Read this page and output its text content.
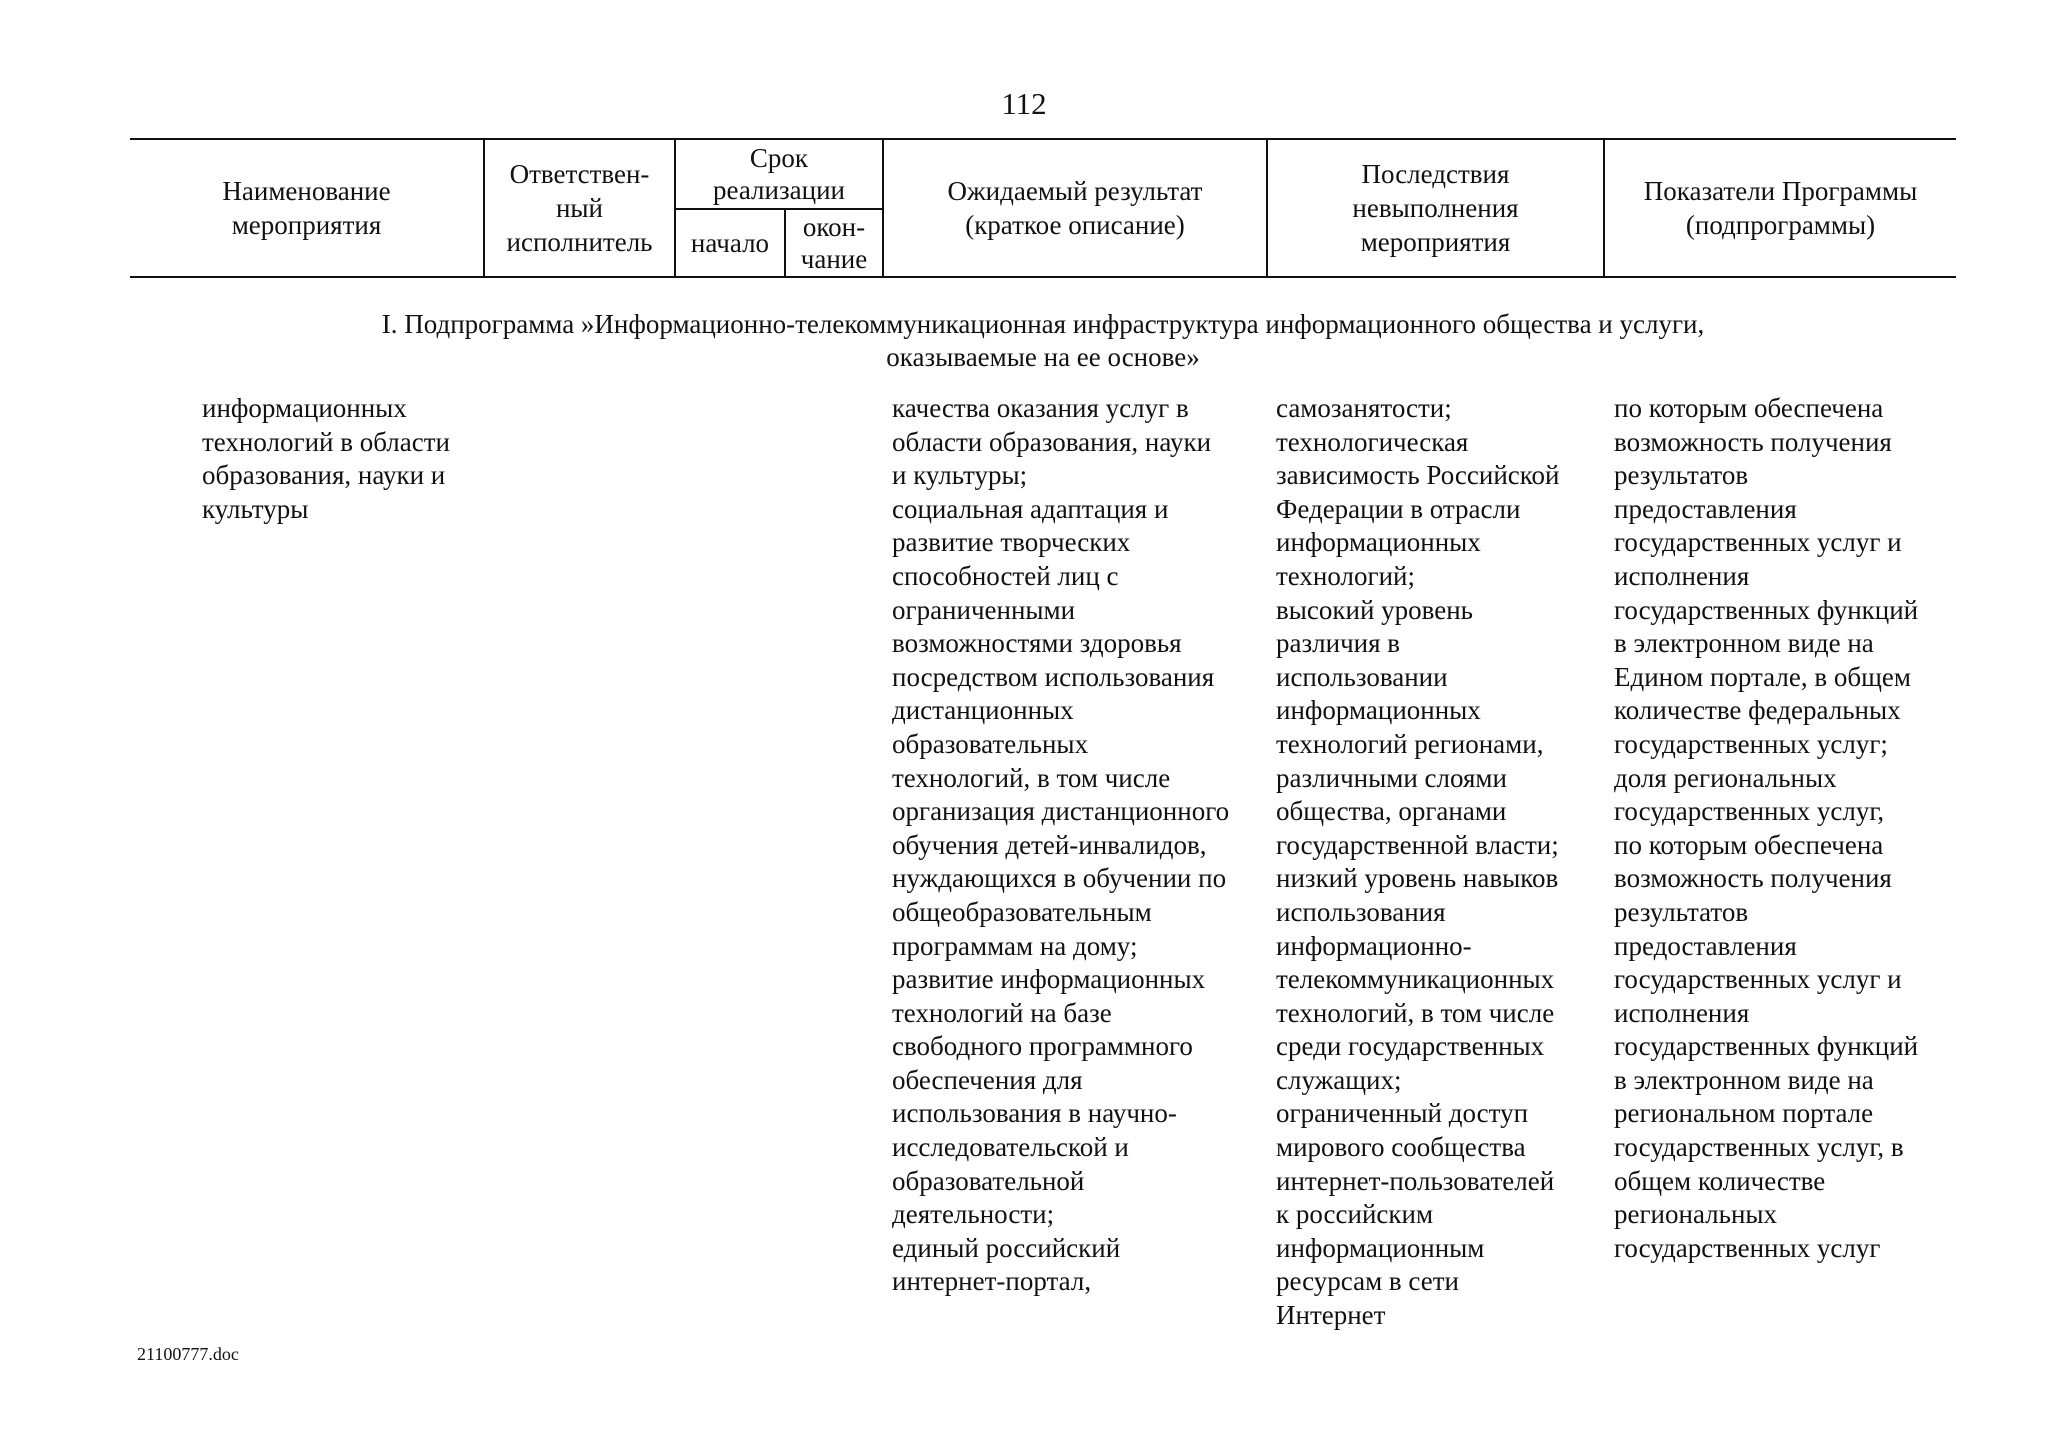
112
Наименование
мероприятия
Ответствен-
ный
исполнитель
Срок
реализации
начало
окон-
чание
Ожидаемый результат
(краткое описание)
Последствия
невыполнения
мероприятия
Показатели Программы
(подпрограммы)
I. Подпрограмма »Информационно-телекоммуникационная инфраструктура информационного общества и услуги,
оказываемые на ее основе»
информационных
технологий в области
образования, науки и
культуры
качества оказания услуг в
области образования, науки
и культуры;
социальная адаптация и
развитие творческих
способностей лиц с
ограниченными
возможностями здоровья
посредством использования
дистанционных
образовательных
технологий, в том числе
организация дистанционного
обучения детей-инвалидов,
нуждающихся в обучении по
общеобразовательным
программам на дому;
развитие информационных
технологий на базе
свободного программного
обеспечения для
использования в научно-
исследовательской и
образовательной
деятельности;
единый российский
интернет-портал,
самозанятости;
технологическая
зависимость Российской
Федерации в отрасли
информационных
технологий;
высокий уровень
различия в
использовании
информационных
технологий регионами,
различными слоями
общества, органами
государственной власти;
низкий уровень навыков
использования
информационно-
телекоммуникационных
технологий, в том числе
среди государственных
служащих;
ограниченный доступ
мирового сообщества
интернет-пользователей
к российским
информационным
ресурсам в сети
Интернет
по которым обеспечена
возможность получения
результатов
предоставления
государственных услуг и
исполнения
государственных функций
в электронном виде на
Едином портале, в общем
количестве федеральных
государственных услуг;
доля региональных
государственных услуг,
по которым обеспечена
возможность получения
результатов
предоставления
государственных услуг и
исполнения
государственных функций
в электронном виде на
региональном портале
государственных услуг, в
общем количестве
региональных
государственных услуг
21100777.doc
